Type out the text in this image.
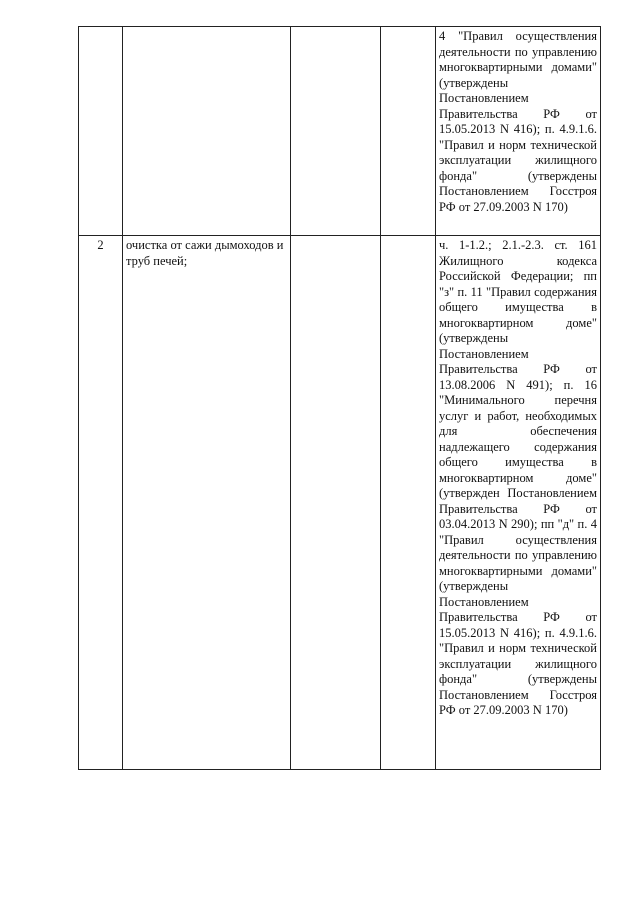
				4 "Правил осуществления деятельности по управлению многоквартирными домами" (утверждены Постановлением Правительства РФ от 15.05.2013 N 416); п. 4.9.1.6. "Правил и норм технической эксплуатации жилищного фонда" (утверждены Постановлением Госстроя РФ от 27.09.2003 N 170)

2	очистка от сажи дымоходов и труб печей;			ч. 1-1.2.; 2.1.-2.3. ст. 161 Жилищного кодекса Российской Федерации; пп "з" п. 11 "Правил содержания общего имущества в многоквартирном доме" (утверждены Постановлением Правительства РФ от 13.08.2006 N 491); п. 16 "Минимального перечня услуг и работ, необходимых для обеспечения надлежащего содержания общего имущества в многоквартирном доме" (утвержден Постановлением Правительства РФ от 03.04.2013 N 290); пп "д" п. 4 "Правил осуществления деятельности по управлению многоквартирными домами" (утверждены Постановлением Правительства РФ от 15.05.2013 N 416); п. 4.9.1.6. "Правил и норм технической эксплуатации жилищного фонда" (утверждены Постановлением Госстроя РФ от 27.09.2003 N 170)
